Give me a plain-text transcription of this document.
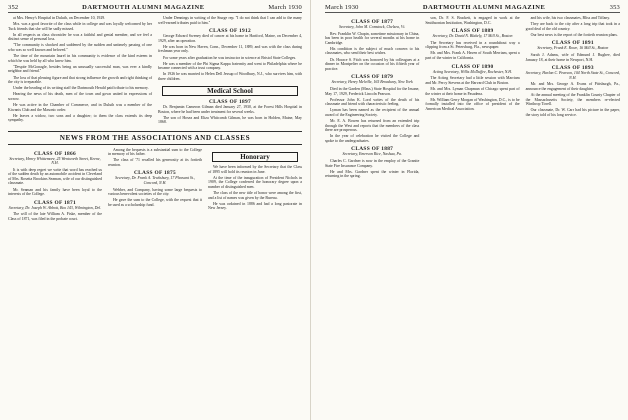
352	DARTMOUTH ALUMNI MAGAZINE	March 1930

at Mrs. Henry's Hospital in Duluth, on December 10, 1929.

Mrs. was a good favorite of the class while in college and was loyally welcomed by her Tuck friends that she will be sadly missed.

In all respects as class chronicler he was a faithful and genial member, and we feel a distinct sense of personal loss.

"The community is shocked and saddened by the sudden and untimely passing of one who was so well known and beloved."

The time of the mountain laurel in his community is evidence of the kind esteem in which he was held by all who knew him.

"Despite McGonagle, besides being an unusually successful man, was ever a kindly neighbor and friend."

The loss of that pleasing figure and that strong influence the growth and right thinking of the city is irreparable.

Under the heading of its writing staff the Dartmouth Herald paid tribute to his memory.

Hearing the news of his death, men of the town and gown united in expressions of sorrow.

He was active in the Chamber of Commerce, and in Duluth was a member of the Kiwanis Club and the Masonic order.

He leaves a widow, two sons and a daughter; to them the class extends its deep sympathy.

Under Dennings in writing of the Sturge rep. "I do not think that I can add to the many well-earned tributes paid to him."

CLASS OF 1912

George Edward Sweney died of cancer at his home in Hartford, Maine, on December 4, 1929, after an operation.

He was born in New Haven, Conn., December 11, 1889, and was with the class during freshman year only.

For some years after graduation he was instructor in science at Bristol State Colleges.

He was a member of the Phi Sigma Kappa fraternity and went to Philadelphia where he became connected with a trust company.

In 1926 he was married to Helen Dell Jessup of Woodbury, N.J., who survives him, with three children.

Medical School
CLASS OF 1897

Dr. Benjamin Cameron Gilman died January 27, 1930, at the Forest Hills Hospital in Boston, where he had been under treatment for several weeks.

The son of Hosea and Eliza Whitcomb Gilman, he was born in Holden, Maine, May 1868.

NEWS FROM THE ASSOCIATIONS AND CLASSES
CLASS OF 1866
Secretary, Henry Whittemore, 25 Wentworth Street, Keene, N.H.

It is with deep regret we write that word has reached us of the sudden death by an automobile accident in Cleveland of Mrs. Rosetta Brookins Seaman, wife of our distinguished classmate.

Mr. Seaman and his family have been loyal to the interests of the College.

CLASS OF 1871
Secretary, Dr. Joseph W. Abbott, Box 143, Wilmington, Del.

The will of the late William A. Fiske, member of the Class of 1871, was filed in the probate court.

Among the bequests is a substantial sum to the College in memory of his father.

The class of '71 recalled his generosity at its fortieth reunion.

CLASS OF 1875
Secretary, Dr. Frank A. Tewksbury, 17 Pleasant St., Concord, N.H.

Webber, and Company, having some large bequests to various benevolent societies of the city.

He gave the sum to the College, with the request that it be used as a scholarship fund.

Honorary

We have been informed by the Secretary that the Class of 1895 will hold its reunion in June.

At the time of the inauguration of President Nichols in 1909, the College conferred the honorary degree upon a number of distinguished men.

The class of the new title of honor were among the first, and a list of names was given by the Bureau.

He was ordained in 1886 and had a long pastorate in New Jersey.

March 1930	DARTMOUTH ALUMNI MAGAZINE	353
CLASS OF 1877
Secretary, John M. Comstock, Chelsea, Vt.

Rev. Franklin W. Chapin, sometime missionary in China, has been in poor health for several months at his home in Cambridge.

His condition is the subject of much concern to his classmates, who send their best wishes.

Dr. Horace S. Fitch was honored by his colleagues at a dinner in Montpelier on the occasion of his fiftieth year of practice.

CLASS OF 1879
Secretary, Henry Melville, 165 Broadway, New York

Died in the Garden (Mass.) State Hospital for the Insane, May 17, 1929, Frederick Lincoln Pearson.

Professor John K. Lord writes of the death of his classmate and friend with characteristic feeling.

Lyman has been named as the recipient of the annual award of the Engineering Society.

Mr. E. A. Bowen has returned from an extended trip through the West and reports that the members of the class there are prosperous.

In the year of celebration he visited the College and spoke to the undergraduates.

CLASS OF 1887
Secretary, Emerson Rice, Nashua, Pa.

Charles C. Gardner is now in the employ of the Granite State Fire Insurance Company.

He and Mrs. Gardner spent the winter in Florida, returning in the spring.

son, Dr. F. S. Brackett, is engaged in work at the Smithsonian Institution, Washington, D.C.

CLASS OF 1889
Secretary, Dr. David N. Blakely, 17 Mill St., Boston

The Secretary has received in a roundabout way a clipping from a St. Petersburg, Fla., newspaper.

Mr. and Mrs. Frank A. Haven of South Merriam, spent a part of the winter in California.

CLASS OF 1890
Acting Secretary, Willis McDuffee, Rochester, N.H.

The Acting Secretary had a little session with Marriam and Mr. Percy Stevens at the Harvard Club in Boston.

Mr. and Mrs. Lyman Chapman of Chicago spent part of the winter at their home in Pasadena.

Mr. William Gerry Morgan of Washington, D.C., is to be formally installed into the office of president of the American Medical Association.

and his wife, his two classmates, Bliss and Tiffany.

They are back to the city after a long trip that took in a good deal of the old country.

Our best news is the report of the fortieth reunion plans.

CLASS OF 1891
Secretary, Frank E. Rowe, 16 Mill St., Boston

Sarah J. Adams, wife of Edmund J. Rugbee, died January 18, at their home in Newport, N.H.

CLASS OF 1893
Secretary, Harlan C. Pearson, 104 North State St., Concord, N.H.

Mr. and Mrs. George A. Evans of Pittsburgh, Pa., announce the engagement of their daughter.

At the annual meeting of the Franklin County Chapter of the Massachusetts Society, the members re-elected Winthrop Tirrell.

Our classmate, Dr. W. Carr had his picture in the paper, the story told of his long service.
